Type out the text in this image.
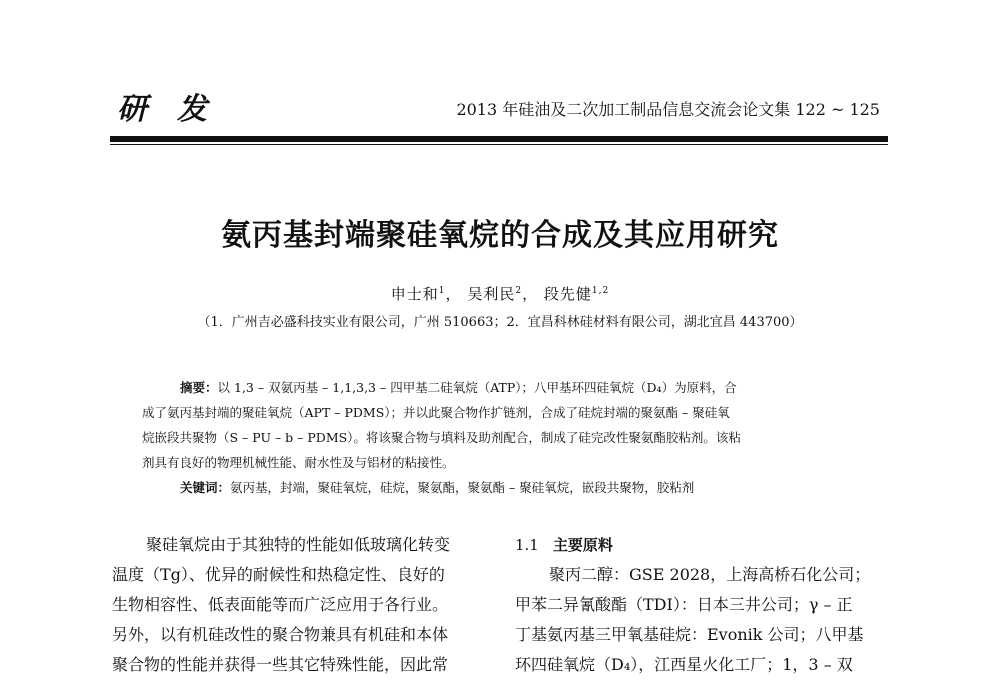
研发	2013 年硅油及二次加工制品信息交流会论文集 122 ~ 125
氨丙基封端聚硅氧烷的合成及其应用研究
申士和$^1$， 吴利民$^2$， 段先健$^{1,2}$
（1．广州吉必盛科技实业有限公司，广州 510663；2．宜昌科林硅材料有限公司，湖北宜昌 443700）

摘要：以 1,3 – 双氨丙基 – 1,1,3,3 – 四甲基二硅氧烷（ATP）；八甲基环四硅氧烷（D₄）为原料，合

成了氨丙基封端的聚硅氧烷（APT – PDMS）；并以此聚合物作扩链剂，合成了硅烷封端的聚氨酯 – 聚硅氧
烷嵌段共聚物（S – PU – b – PDMS）。将该聚合物与填料及助剂配合，制成了硅完改性聚氨酯胶粘剂。该粘
剂具有良好的物理机械性能、耐水性及与铝材的粘接性。
关键词：氨丙基，封端，聚硅氧烷，硅烷，聚氨酯，聚氨酯 – 聚硅氧烷，嵌段共聚物，胶粘剂
聚硅氧烷由于其独特的性能如低玻璃化转变
温度（Tg）、优异的耐候性和热稳定性、良好的
生物相容性、低表面能等而广泛应用于各行业。
另外，以有机硅改性的聚合物兼具有机硅和本体
聚合物的性能并获得一些其它特殊性能，因此常
1.1 主要原料
聚丙二醇：GSE 2028，上海高桥石化公司；
甲苯二异氰酸酯（TDI）：日本三井公司；γ – 正
丁基氨丙基三甲氧基硅烷：Evonik 公司；八甲基
环四硅氧烷（D₄），江西星火化工厂；1，3 – 双
